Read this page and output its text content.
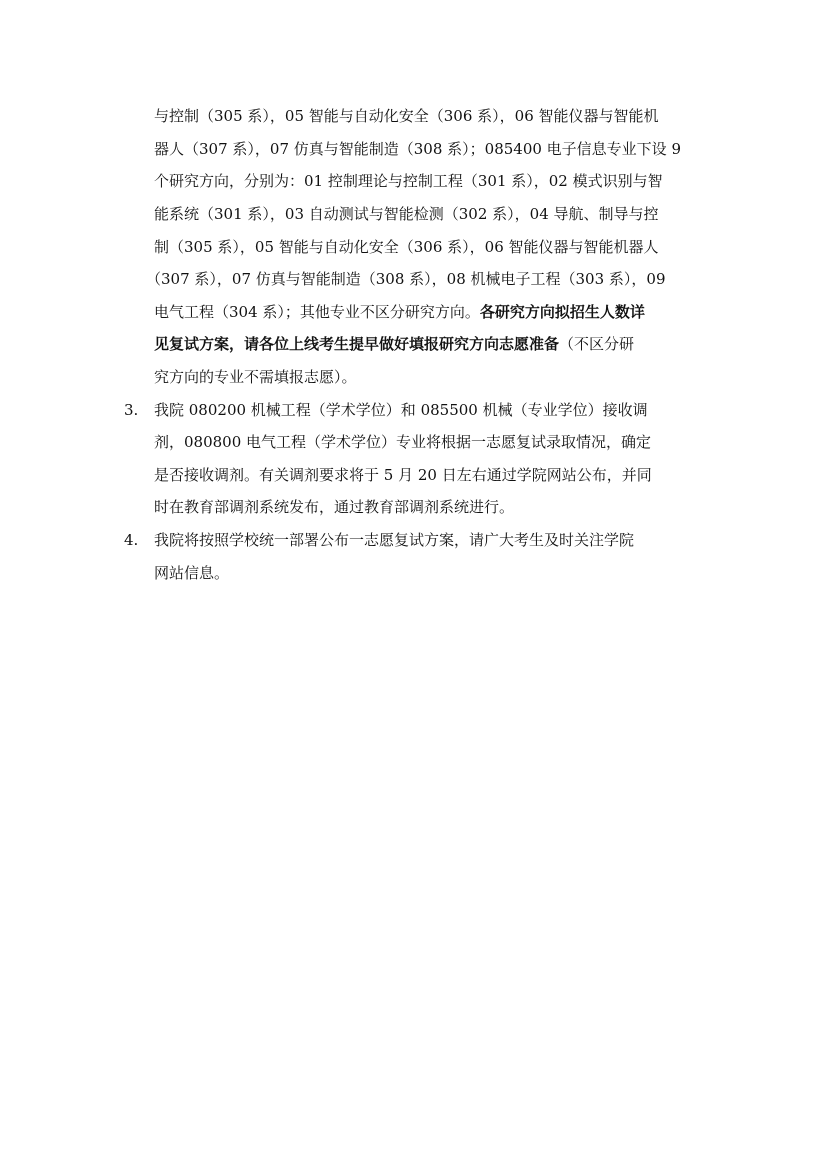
与控制（305 系），05 智能与自动化安全（306 系），06 智能仪器与智能机
器人（307 系），07 仿真与智能制造（308 系）；085400 电子信息专业下设 9
个研究方向，分别为：01 控制理论与控制工程（301 系），02 模式识别与智
能系统（301 系），03 自动测试与智能检测（302 系），04 导航、制导与控
制（305 系），05 智能与自动化安全（306 系），06 智能仪器与智能机器人
（307 系），07 仿真与智能制造（308 系），08 机械电子工程（303 系），09
电气工程（304 系）；其他专业不区分研究方向。各研究方向拟招生人数详
见复试方案，请各位上线考生提早做好填报研究方向志愿准备（不区分研
究方向的专业不需填报志愿）。
3. 我院 080200 机械工程（学术学位）和 085500 机械（专业学位）接收调
剂，080800 电气工程（学术学位）专业将根据一志愿复试录取情况，确定
是否接收调剂。有关调剂要求将于 5 月 20 日左右通过学院网站公布，并同
时在教育部调剂系统发布，通过教育部调剂系统进行。
4. 我院将按照学校统一部署公布一志愿复试方案，请广大考生及时关注学院
网站信息。
